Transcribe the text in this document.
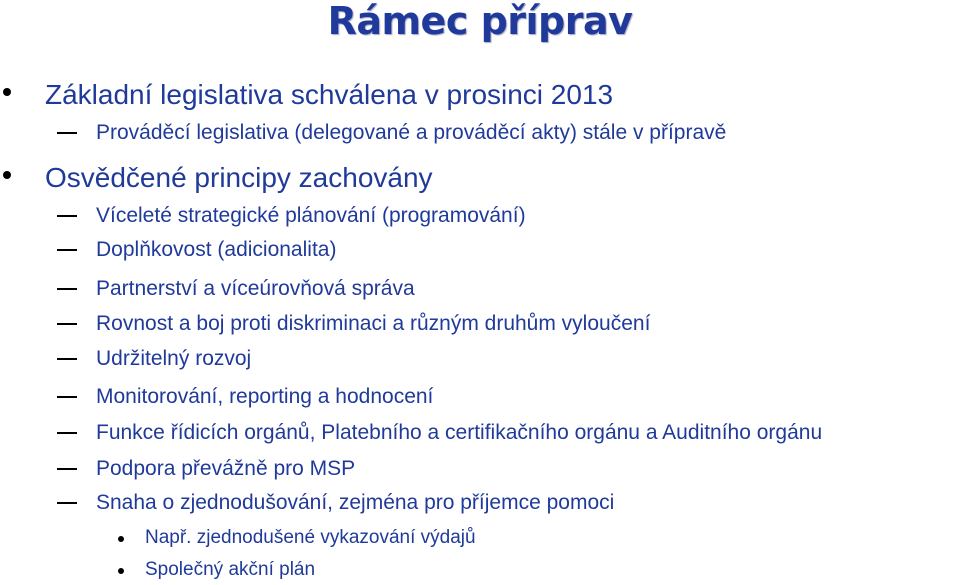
Rámec příprav
Základní legislativa schválena v prosinci 2013
Prováděcí legislativa (delegované a prováděcí akty) stále v přípravě
Osvědčené principy zachovány
Víceleté strategické plánování (programování)
Doplňkovost (adicionalita)
Partnerství a víceúrovňová správa
Rovnost a boj proti diskriminaci a různým druhům vyloučení
Udržitelný rozvoj
Monitorování, reporting a hodnocení
Funkce řídicích orgánů, Platebního a certifikačního orgánu a Auditního orgánu
Podpora převážně pro MSP
Snaha o zjednodušování, zejména pro příjemce pomoci
Např. zjednodušené vykazování výdajů
Společný akční plán
